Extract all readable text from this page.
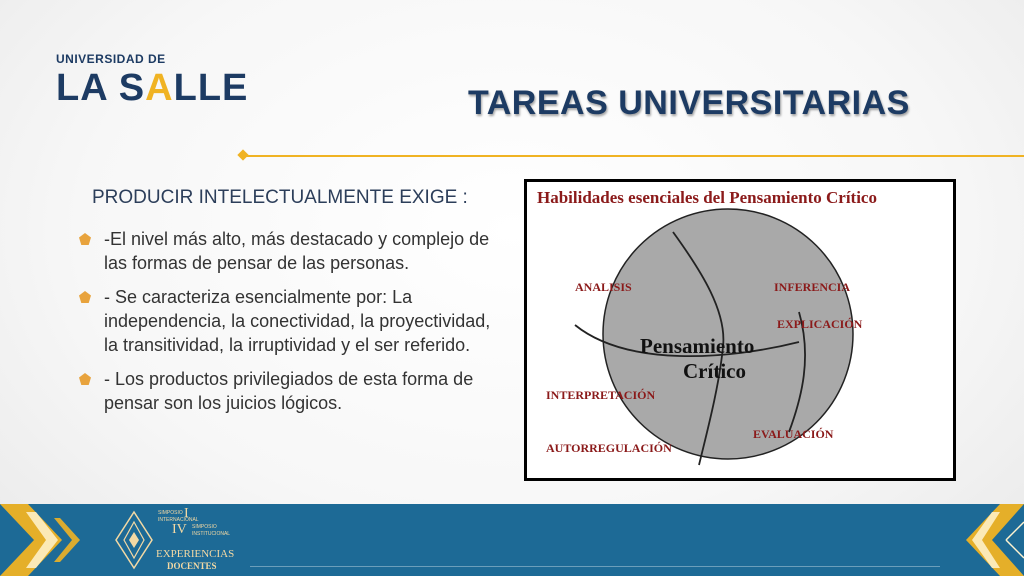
UNIVERSIDAD DE
LA SALLE	TAREAS UNIVERSITARIAS
PRODUCIR INTELECTUALMENTE EXIGE :
-El nivel más alto, más destacado y complejo de las formas de pensar de las personas.
- Se caracteriza esencialmente por: La independencia, la conectividad, la proyectividad, la transitividad, la irruptividad y el ser referido.
- Los productos privilegiados de esta forma de pensar son los juicios lógicos.
Habilidades esenciales del Pensamiento Crítico
ANALISIS	INFERENCIA
EXPLICACIÓN
INTERPRETACIÓN
EVALUACIÓN
AUTORREGULACIÓN
Pensamiento
Crítico
SIMPOSIO
INTERNACIONAL
I
IV SIMPOSIO
INSTITUCIONAL
EXPERIENCIAS
DOCENTES
